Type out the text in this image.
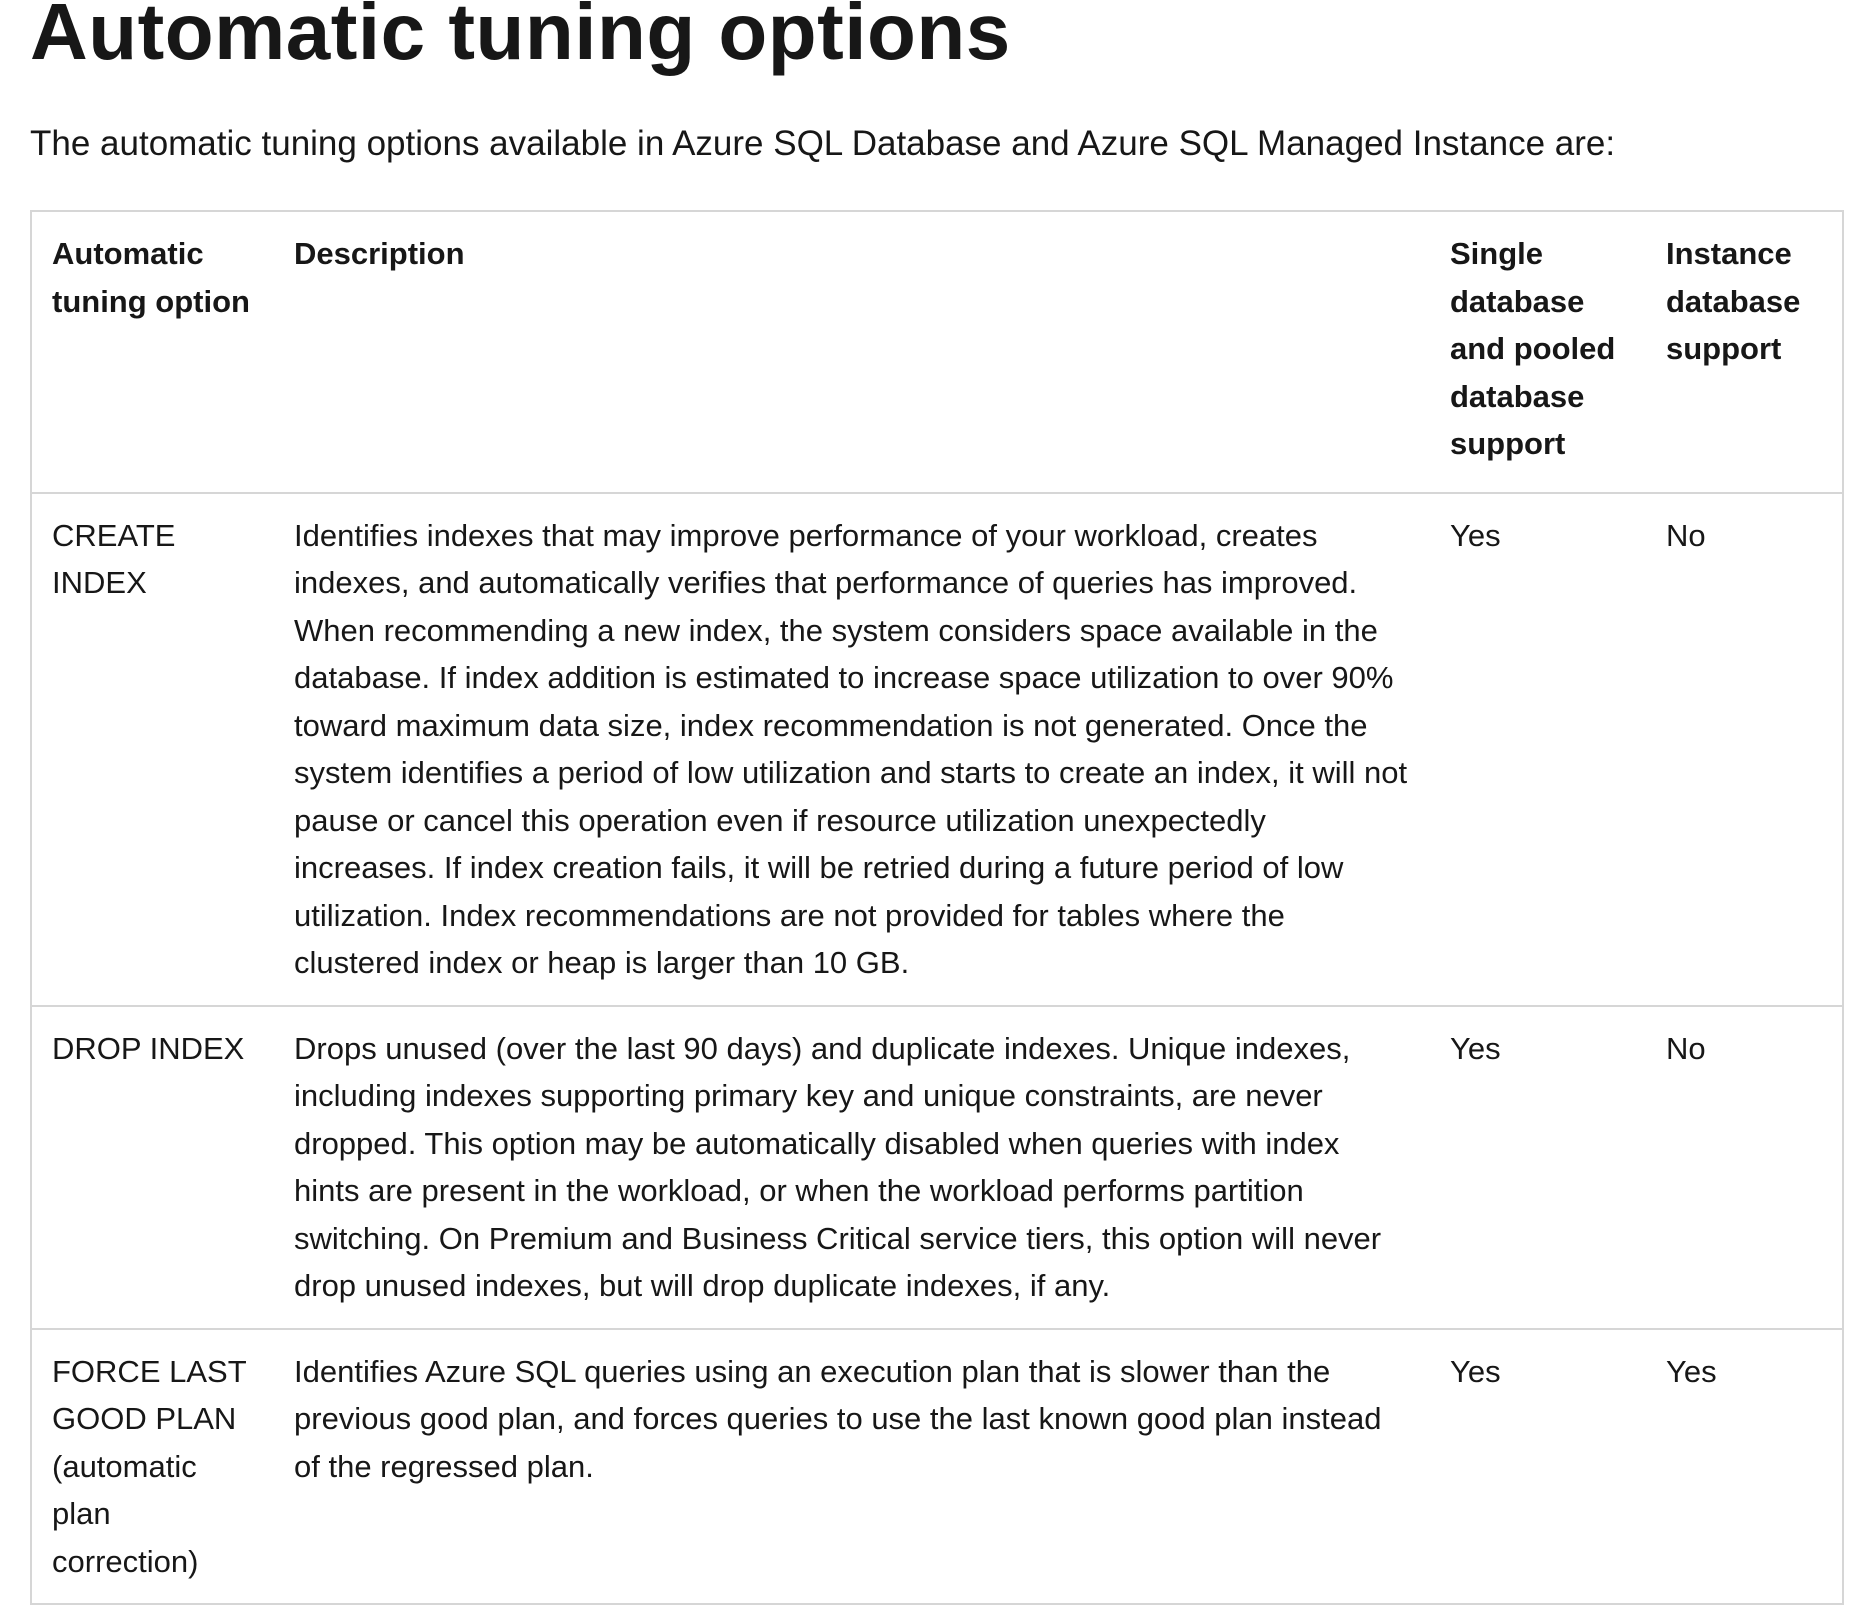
Automatic tuning options

The automatic tuning options available in Azure SQL Database and Azure SQL Managed Instance are:

Automatic tuning option	Description	Single database and pooled database support	Instance database support

CREATE INDEX	Identifies indexes that may improve performance of your workload, creates indexes, and automatically verifies that performance of queries has improved. When recommending a new index, the system considers space available in the database. If index addition is estimated to increase space utilization to over 90% toward maximum data size, index recommendation is not generated. Once the system identifies a period of low utilization and starts to create an index, it will not pause or cancel this operation even if resource utilization unexpectedly increases. If index creation fails, it will be retried during a future period of low utilization. Index recommendations are not provided for tables where the clustered index or heap is larger than 10 GB.	Yes	No

DROP INDEX	Drops unused (over the last 90 days) and duplicate indexes. Unique indexes, including indexes supporting primary key and unique constraints, are never dropped. This option may be automatically disabled when queries with index hints are present in the workload, or when the workload performs partition switching. On Premium and Business Critical service tiers, this option will never drop unused indexes, but will drop duplicate indexes, if any.	Yes	No

FORCE LAST GOOD PLAN
(automatic plan correction)	Identifies Azure SQL queries using an execution plan that is slower than the previous good plan, and forces queries to use the last known good plan instead of the regressed plan.	Yes	Yes
